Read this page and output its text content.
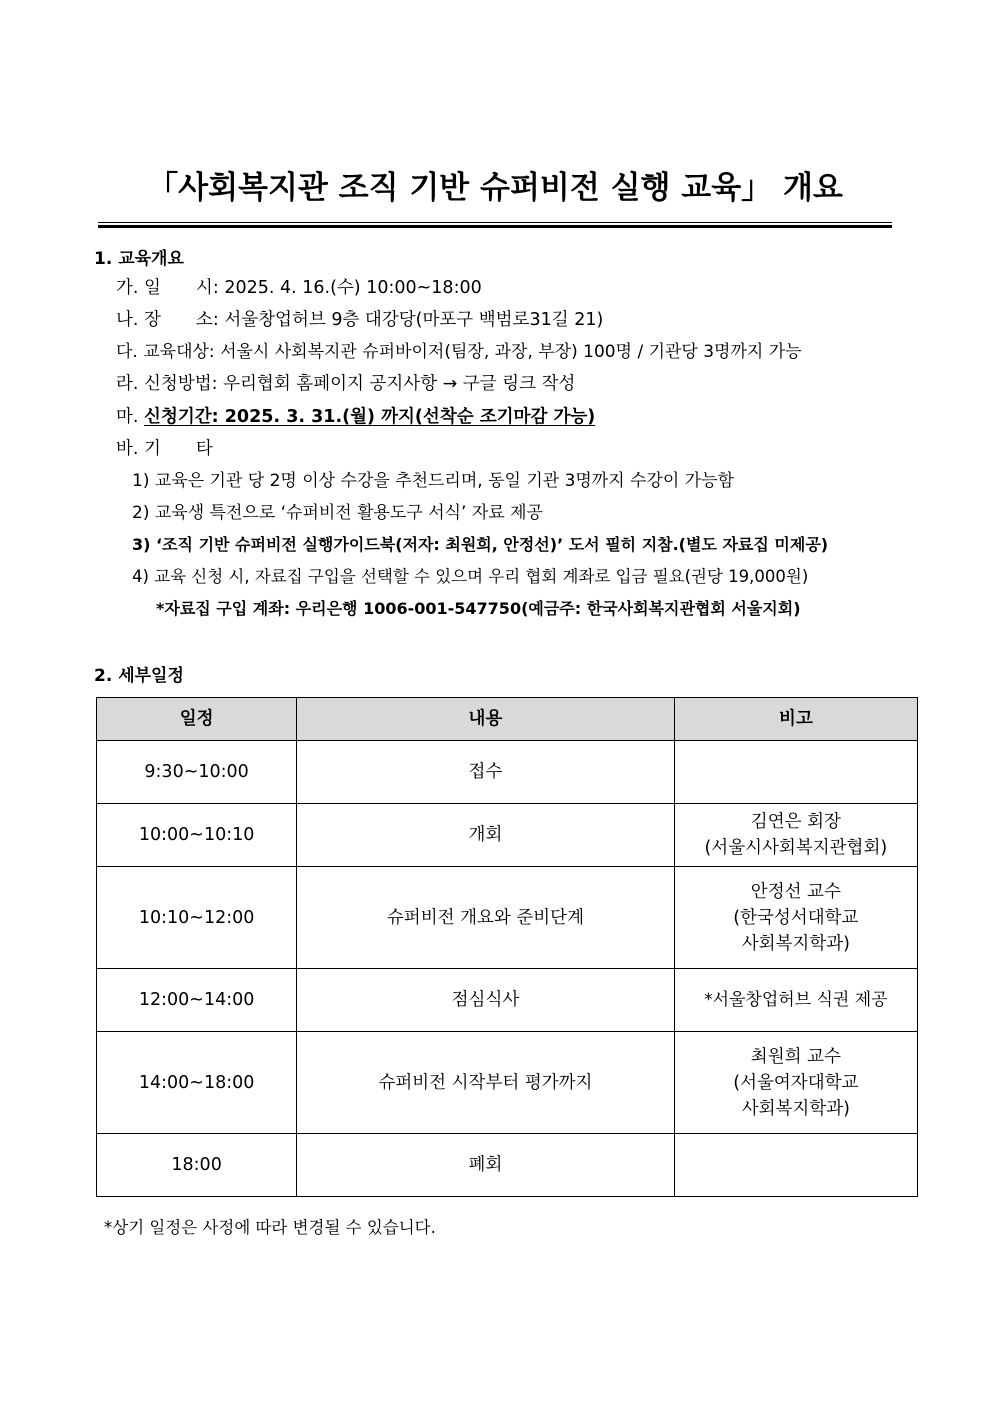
「사회복지관 조직 기반 슈퍼비전 실행 교육」 개요
1. 교육개요
가. 일　　시: 2025. 4. 16.(수) 10:00~18:00
나. 장　　소: 서울창업허브 9층 대강당(마포구 백범로31길 21)
다. 교육대상: 서울시 사회복지관 슈퍼바이저(팀장, 과장, 부장) 100명 / 기관당 3명까지 가능
라. 신청방법: 우리협회 홈페이지 공지사항 → 구글 링크 작성
마. 신청기간: 2025. 3. 31.(월) 까지(선착순 조기마감 가능)
바. 기　　타
1) 교육은 기관 당 2명 이상 수강을 추천드리며, 동일 기관 3명까지 수강이 가능함
2) 교육생 특전으로 ‘슈퍼비전 활용도구 서식’ 자료 제공
3) ‘조직 기반 슈퍼비전 실행가이드북(저자: 최원희, 안정선)’ 도서 필히 지참.(별도 자료집 미제공)
4) 교육 신청 시, 자료집 구입을 선택할 수 있으며 우리 협회 계좌로 입금 필요(권당 19,000원)
*자료집 구입 계좌: 우리은행 1006-001-547750(예금주: 한국사회복지관협회 서울지회)
2. 세부일정
일정	내용	비고
9:30~10:00	접수	
10:00~10:10	개회	김연은 회장
(서울시사회복지관협회)
10:10~12:00	슈퍼비전 개요와 준비단계	안정선 교수
(한국성서대학교
사회복지학과)
12:00~14:00	점심식사	*서울창업허브 식권 제공
14:00~18:00	슈퍼비전 시작부터 평가까지	최원희 교수
(서울여자대학교
사회복지학과)
18:00	폐회	
*상기 일정은 사정에 따라 변경될 수 있습니다.
